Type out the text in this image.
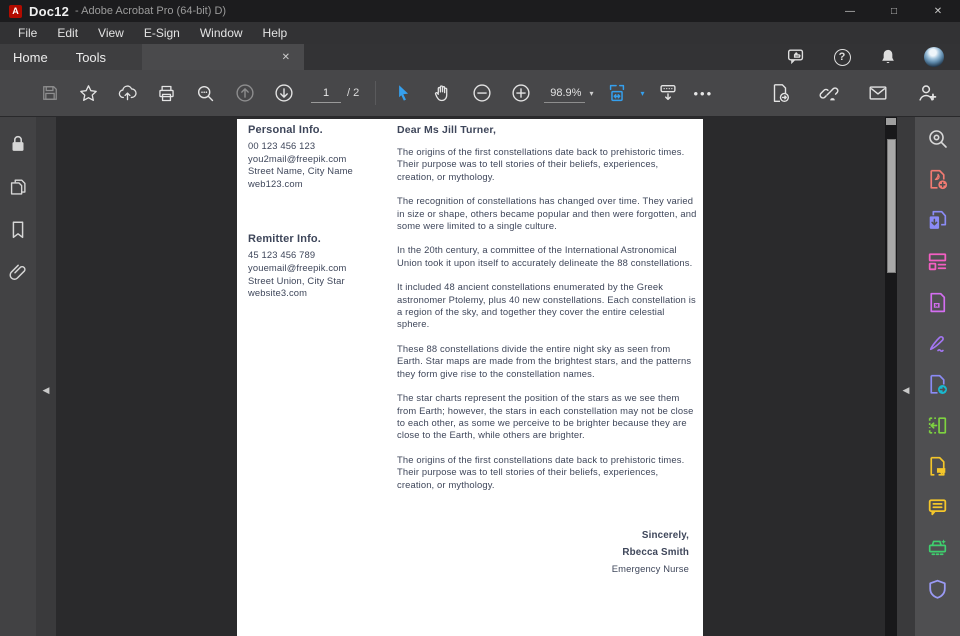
A Doc12 - Adobe Acrobat Pro (64-bit) D)	—	□	✕
File	Edit	View	E-Sign	Window	Help
Home	Tools	✕	?
1
/ 2	98.9%	▾	▾	•••
◀
Personal Info.
00 123 456 123
you2mail@freepik.com
Street Name, City Name
web123.com
Remitter Info.
45 123 456 789
youemail@freepik.com
Street Union, City Star
website3.com
Dear Ms Jill Turner,

The origins of the first constellations date back to prehistoric times. Their purpose was to tell stories of their beliefs, experiences, creation, or mythology.

The recognition of constellations has changed over time. They varied in size or shape, others became popular and then were forgotten, and some were limited to a single culture.

In the 20th century, a committee of the International Astronomical Union took it upon itself to accurately delineate the 88 constellations.

It included 48 ancient constellations enumerated by the Greek astronomer Ptolemy, plus 40 new constellations. Each constellation is a region of the sky, and together they cover the entire celestial sphere.

These 88 constellations divide the entire night sky as seen from Earth. Star maps are made from the brightest stars, and the patterns they form give rise to the constellation names.

The star charts represent the position of the stars as we see them from Earth; however, the stars in each constellation may not be close to each other, as some we perceive to be brighter because they are close to the Earth, while others are brighter.

The origins of the first constellations date back to prehistoric times. Their purpose was to tell stories of their beliefs, experiences, creation, or mythology.

Sincerely,
Rbecca Smith
Emergency Nurse
◀
